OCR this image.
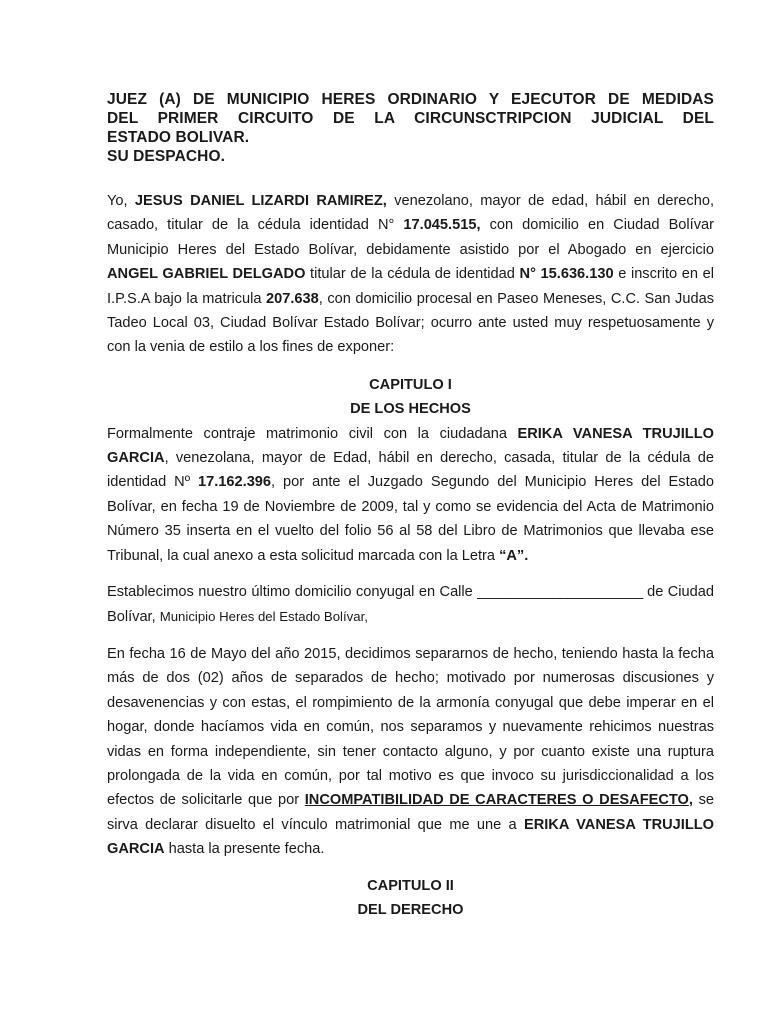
JUEZ (A) DE MUNICIPIO HERES ORDINARIO Y EJECUTOR DE MEDIDAS
DEL PRIMER CIRCUITO DE LA CIRCUNSCTRIPCION JUDICIAL DEL
ESTADO BOLIVAR.
SU DESPACHO.

Yo, JESUS DANIEL LIZARDI RAMIREZ, venezolano, mayor de edad, hábil en derecho, casado, titular de la cédula identidad N° 17.045.515, con domicilio en Ciudad Bolívar Municipio Heres del Estado Bolívar, debidamente asistido por el Abogado en ejercicio ANGEL GABRIEL DELGADO titular de la cédula de identidad N° 15.636.130 e inscrito en el I.P.S.A bajo la matricula 207.638, con domicilio procesal en Paseo Meneses, C.C. San Judas Tadeo Local 03, Ciudad Bolívar Estado Bolívar; ocurro ante usted muy respetuosamente y con la venia de estilo a los fines de exponer:

CAPITULO I

DE LOS HECHOS

Formalmente contraje matrimonio civil con la ciudadana ERIKA VANESA TRUJILLO GARCIA, venezolana, mayor de Edad, hábil en derecho, casada, titular de la cédula de identidad Nº 17.162.396, por ante el Juzgado Segundo del Municipio Heres del Estado Bolívar, en fecha 19 de Noviembre de 2009, tal y como se evidencia del Acta de Matrimonio Número 35 inserta en el vuelto del folio 56 al 58 del Libro de Matrimonios que llevaba ese Tribunal, la cual anexo a esta solicitud marcada con la Letra “A”.

Establecimos nuestro último domicilio conyugal en Calle ______________________ de Ciudad Bolívar, Municipio Heres del Estado Bolívar,

En fecha 16 de Mayo del año 2015, decidimos separarnos de hecho, teniendo hasta la fecha más de dos (02) años de separados de hecho; motivado por numerosas discusiones y desavenencias y con estas, el rompimiento de la armonía conyugal que debe imperar en el hogar, donde hacíamos vida en común, nos separamos y nuevamente rehicimos nuestras vidas en forma independiente, sin tener contacto alguno, y por cuanto existe una ruptura prolongada de la vida en común, por tal motivo es que invoco su jurisdiccionalidad a los efectos de solicitarle que por INCOMPATIBILIDAD DE CARACTERES O DESAFECTO, se sirva declarar disuelto el vínculo matrimonial que me une a ERIKA VANESA TRUJILLO GARCIA hasta la presente fecha.

CAPITULO II

DEL DERECHO
